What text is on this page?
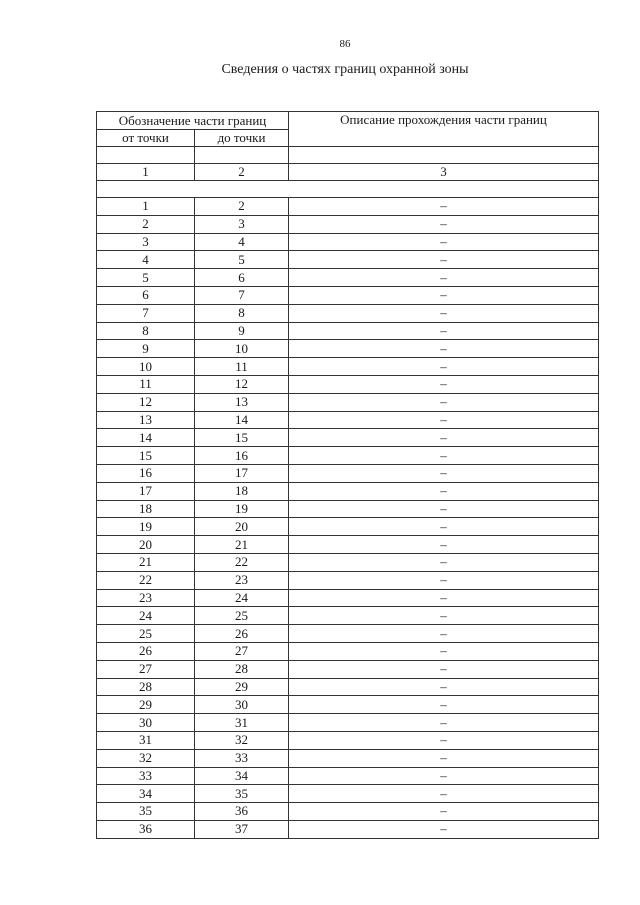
86
Сведения о частях границ охранной зоны
Обозначение части границ		Описание прохождения части границ
от точки	до точки	

1	2	3

1	2	–
2	3	–
3	4	–
4	5	–
5	6	–
6	7	–
7	8	–
8	9	–
9	10	–
10	11	–
11	12	–
12	13	–
13	14	–
14	15	–
15	16	–
16	17	–
17	18	–
18	19	–
19	20	–
20	21	–
21	22	–
22	23	–
23	24	–
24	25	–
25	26	–
26	27	–
27	28	–
28	29	–
29	30	–
30	31	–
31	32	–
32	33	–
33	34	–
34	35	–
35	36	–
36	37	–
